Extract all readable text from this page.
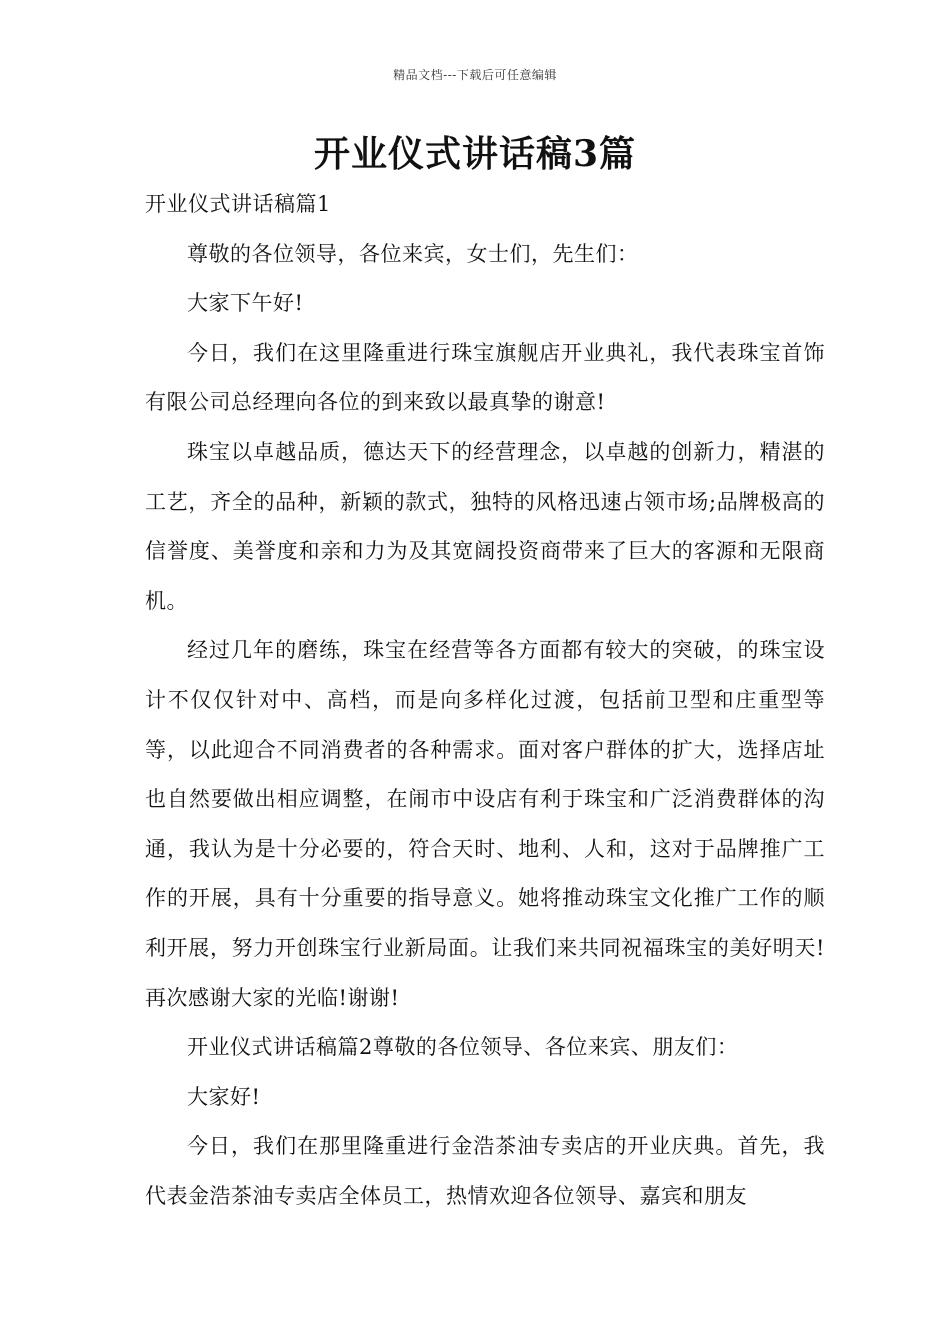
精品文档---下载后可任意编辑
开业仪式讲话稿3篇

开业仪式讲话稿篇1

尊敬的各位领导，各位来宾，女士们，先生们：

大家下午好!

今日，我们在这里隆重进行珠宝旗舰店开业典礼，我代表珠宝首饰有限公司总经理向各位的到来致以最真挚的谢意!

珠宝以卓越品质，德达天下的经营理念，以卓越的创新力，精湛的工艺，齐全的品种，新颖的款式，独特的风格迅速占领市场;品牌极高的信誉度、美誉度和亲和力为及其宽阔投资商带来了巨大的客源和无限商机。

经过几年的磨练，珠宝在经营等各方面都有较大的突破，的珠宝设计不仅仅针对中、高档，而是向多样化过渡，包括前卫型和庄重型等等，以此迎合不同消费者的各种需求。面对客户群体的扩大，选择店址也自然要做出相应调整，在闹市中设店有利于珠宝和广泛消费群体的沟通，我认为是十分必要的，符合天时、地利、人和，这对于品牌推广工作的开展，具有十分重要的指导意义。她将推动珠宝文化推广工作的顺利开展，努力开创珠宝行业新局面。让我们来共同祝福珠宝的美好明天!再次感谢大家的光临!谢谢!

开业仪式讲话稿篇2尊敬的各位领导、各位来宾、朋友们：

大家好!

今日，我们在那里隆重进行金浩茶油专卖店的开业庆典。首先，我代表金浩茶油专卖店全体员工，热情欢迎各位领导、嘉宾和朋友
